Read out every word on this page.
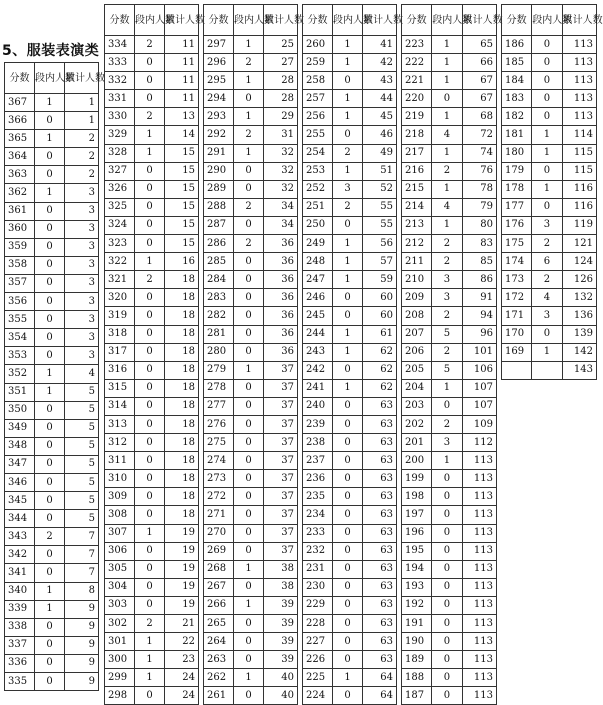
5、服装表演类
分数	段内人数	累计人数

367	1	1
366	0	1
365	1	2
364	0	2
363	0	2
362	1	3
361	0	3
360	0	3
359	0	3
358	0	3
357	0	3
356	0	3
355	0	3
354	0	3
353	0	3
352	1	4
351	1	5
350	0	5
349	0	5
348	0	5
347	0	5
346	0	5
345	0	5
344	0	5
343	2	7
342	0	7
341	0	7
340	1	8
339	1	9
338	0	9
337	0	9
336	0	9
335	0	9
分数	段内人数	累计人数

334	2	11
333	0	11
332	0	11
331	0	11
330	2	13
329	1	14
328	1	15
327	0	15
326	0	15
325	0	15
324	0	15
323	0	15
322	1	16
321	2	18
320	0	18
319	0	18
318	0	18
317	0	18
316	0	18
315	0	18
314	0	18
313	0	18
312	0	18
311	0	18
310	0	18
309	0	18
308	0	18
307	1	19
306	0	19
305	0	19
304	0	19
303	0	19
302	2	21
301	1	22
300	1	23
299	1	24
298	0	24
分数	段内人数	累计人数

297	1	25
296	2	27
295	1	28
294	0	28
293	1	29
292	2	31
291	1	32
290	0	32
289	0	32
288	2	34
287	0	34
286	2	36
285	0	36
284	0	36
283	0	36
282	0	36
281	0	36
280	0	36
279	1	37
278	0	37
277	0	37
276	0	37
275	0	37
274	0	37
273	0	37
272	0	37
271	0	37
270	0	37
269	0	37
268	1	38
267	0	38
266	1	39
265	0	39
264	0	39
263	0	39
262	1	40
261	0	40
分数	段内人数	累计人数

260	1	41
259	1	42
258	0	43
257	1	44
256	1	45
255	0	46
254	2	49
253	1	51
252	3	52
251	2	55
250	0	55
249	1	56
248	1	57
247	1	59
246	0	60
245	0	60
244	1	61
243	1	62
242	0	62
241	1	62
240	0	63
239	0	63
238	0	63
237	0	63
236	0	63
235	0	63
234	0	63
233	0	63
232	0	63
231	0	63
230	0	63
229	0	63
228	0	63
227	0	63
226	0	63
225	1	64
224	0	64
分数	段内人数	累计人数

223	1	65
222	1	66
221	1	67
220	0	67
219	1	68
218	4	72
217	1	74
216	2	76
215	1	78
214	4	79
213	1	80
212	2	83
211	2	85
210	3	86
209	3	91
208	2	94
207	5	96
206	2	101
205	5	106
204	1	107
203	0	107
202	2	109
201	3	112
200	1	113
199	0	113
198	0	113
197	0	113
196	0	113
195	0	113
194	0	113
193	0	113
192	0	113
191	0	113
190	0	113
189	0	113
188	0	113
187	0	113
分数	段内人数	累计人数

186	0	113
185	0	113
184	0	113
183	0	113
182	0	113
181	1	114
180	1	115
179	0	115
178	1	116
177	0	116
176	3	119
175	2	121
174	6	124
173	2	126
172	4	132
171	3	136
170	0	139
169	1	142
		143
